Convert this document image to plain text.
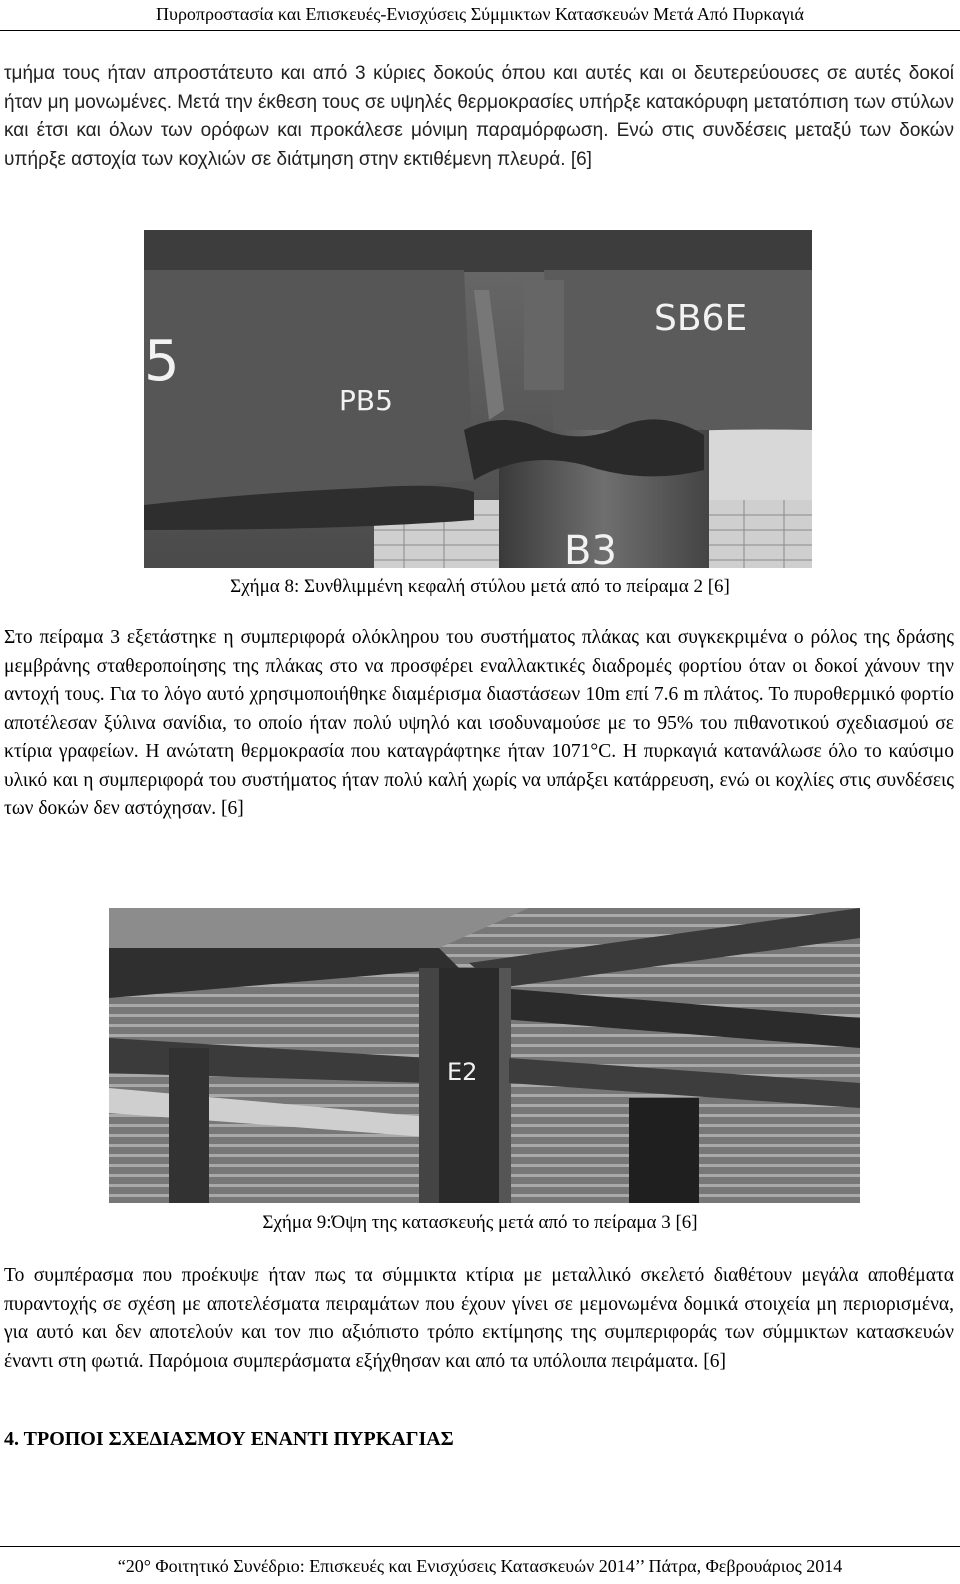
Πυροπροστασία και Επισκευές-Ενισχύσεις Σύμμικτων Κατασκευών Μετά Από Πυρκαγιά

τμήμα τους ήταν απροστάτευτο και από 3 κύριες δοκούς όπου και αυτές και οι δευτερεύουσες σε αυτές δοκοί ήταν μη μονωμένες. Μετά την έκθεση τους σε υψηλές θερμοκρασίες υπήρξε κατακόρυφη μετατόπιση των στύλων και έτσι και όλων των ορόφων και προκάλεσε μόνιμη παραμόρφωση. Ενώ στις συνδέσεις μεταξύ των δοκών υπήρξε αστοχία των κοχλιών σε διάτμηση στην εκτιθέμενη πλευρά. [6]

5
PB5
SB6E
B3
Σχήμα 8: Συνθλιμμένη κεφαλή στύλου μετά από το πείραμα 2 [6]

Στο πείραμα 3 εξετάστηκε η συμπεριφορά ολόκληρου του συστήματος πλάκας και συγκεκριμένα ο ρόλος της δράσης μεμβράνης σταθεροποίησης της πλάκας στο να προσφέρει εναλλακτικές διαδρομές φορτίου όταν οι δοκοί χάνουν την αντοχή τους. Για το λόγο αυτό χρησιμοποιήθηκε διαμέρισμα διαστάσεων 10m επί 7.6 m πλάτος. Το πυροθερμικό φορτίο αποτέλεσαν ξύλινα σανίδια, το οποίο ήταν πολύ υψηλό και ισοδυναμούσε με το 95% του πιθανοτικού σχεδιασμού σε κτίρια γραφείων. Η ανώτατη θερμοκρασία που καταγράφτηκε ήταν 1071°C. Η πυρκαγιά κατανάλωσε όλο το καύσιμο υλικό και η συμπεριφορά του συστήματος ήταν πολύ καλή χωρίς να υπάρξει κατάρρευση, ενώ οι κοχλίες στις συνδέσεις των δοκών δεν αστόχησαν. [6]

E2
Σχήμα 9:Όψη της κατασκευής μετά από το πείραμα 3 [6]

Το συμπέρασμα που προέκυψε ήταν πως τα σύμμικτα κτίρια με μεταλλικό σκελετό διαθέτουν μεγάλα αποθέματα πυραντοχής σε σχέση με αποτελέσματα πειραμάτων που έχουν γίνει σε μεμονωμένα δομικά στοιχεία μη περιορισμένα, για αυτό και δεν αποτελούν και τον πιο αξιόπιστο τρόπο εκτίμησης της συμπεριφοράς των σύμμικτων κατασκευών έναντι στη φωτιά. Παρόμοια συμπεράσματα εξήχθησαν και από τα υπόλοιπα πειράματα. [6]

4. ΤΡΟΠΟΙ ΣΧΕΔΙΑΣΜΟΥ ΕΝΑΝΤΙ ΠΥΡΚΑΓΙΑΣ
“20° Φοιτητικό Συνέδριο: Επισκευές και Ενισχύσεις Κατασκευών 2014’’ Πάτρα, Φεβρουάριος 2014
